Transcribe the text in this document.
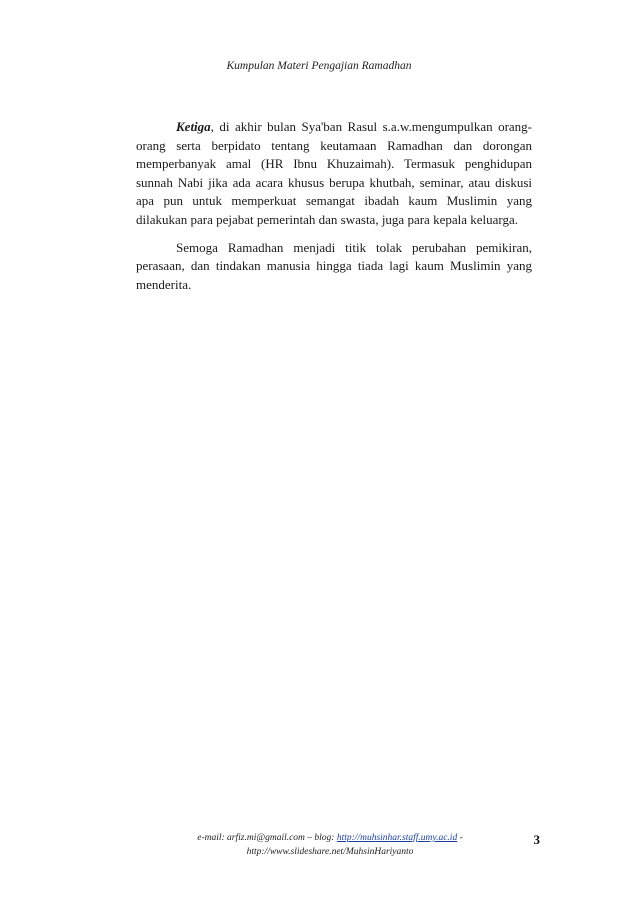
Kumpulan Materi Pengajian Ramadhan

Ketiga, di akhir bulan Sya'ban Rasul s.a.w.mengumpulkan orang-orang serta berpidato tentang keutamaan Ramadhan dan dorongan memperbanyak amal (HR Ibnu Khuzaimah). Termasuk penghidupan sunnah Nabi jika ada acara khusus berupa khutbah, seminar, atau diskusi apa pun untuk memperkuat semangat ibadah kaum Muslimin yang dilakukan para pejabat pemerintah dan swasta, juga para kepala keluarga.

Semoga Ramadhan menjadi titik tolak perubahan pemikiran, perasaan, dan tindakan manusia hingga tiada lagi kaum Muslimin yang menderita.

e-mail: arfiz.mi@gmail.com – blog: http://muhsinhar.staff.umy.ac.id -
http://www.slideshare.net/MuhsinHariyanto
3
